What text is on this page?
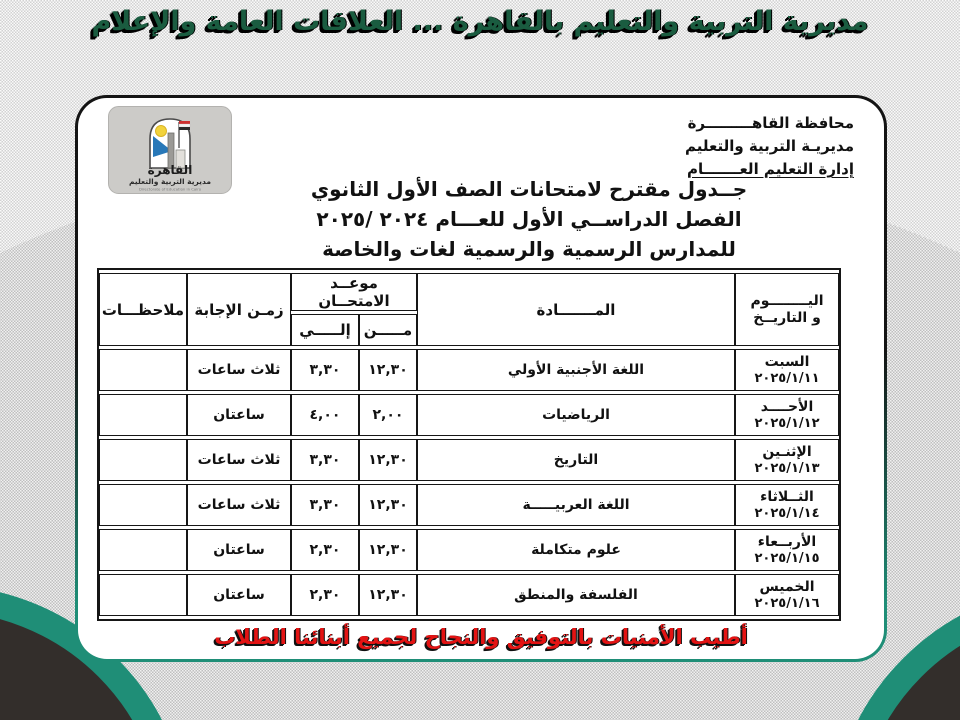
مديرية التربية والتعليم بالقاهرة ... العلاقات العامة والإعلام
القاهرة
مديرية التربية والتعليم
Directorate of Education in Cairo
محافظة القاهـــــــــرة
مديريـة التربية والتعليم
إدارة التعليم العـــــــام
جــدول مقترح لامتحانات الصف الأول الثانوي
الفصل الدراســي الأول للعـــام ٢٠٢٤ /٢٠٢٥
للمدارس الرسمية والرسمية لغات والخاصة
اليــــــــوم
و التاريــخ	المـــــــادة	موعــد الامتحــان		زمـن الإجابة	ملاحظـــات
		مـــــن	إلـــــي		

السبت
٢٠٢٥/١/١١	اللغة الأجنبية الأولي	١٢,٣٠	٣,٣٠	ثلاث ساعات	

الأحــــد
٢٠٢٥/١/١٢	الرياضيات	٢,٠٠	٤,٠٠	ساعتان	

الإثنـين
٢٠٢٥/١/١٣	التاريخ	١٢,٣٠	٣,٣٠	ثلاث ساعات	

الثــلاثاء
٢٠٢٥/١/١٤	اللغة العربيـــــة	١٢,٣٠	٣,٣٠	ثلاث ساعات	

الأربــعاء
٢٠٢٥/١/١٥	علوم متكاملة	١٢,٣٠	٢,٣٠	ساعتان	

الخميس
٢٠٢٥/١/١٦	الفلسفة والمنطق	١٢,٣٠	٢,٣٠	ساعتان	
أطيب الأمنيات بالتوفيق والنجاح لجميع أبنائنا الطلاب
